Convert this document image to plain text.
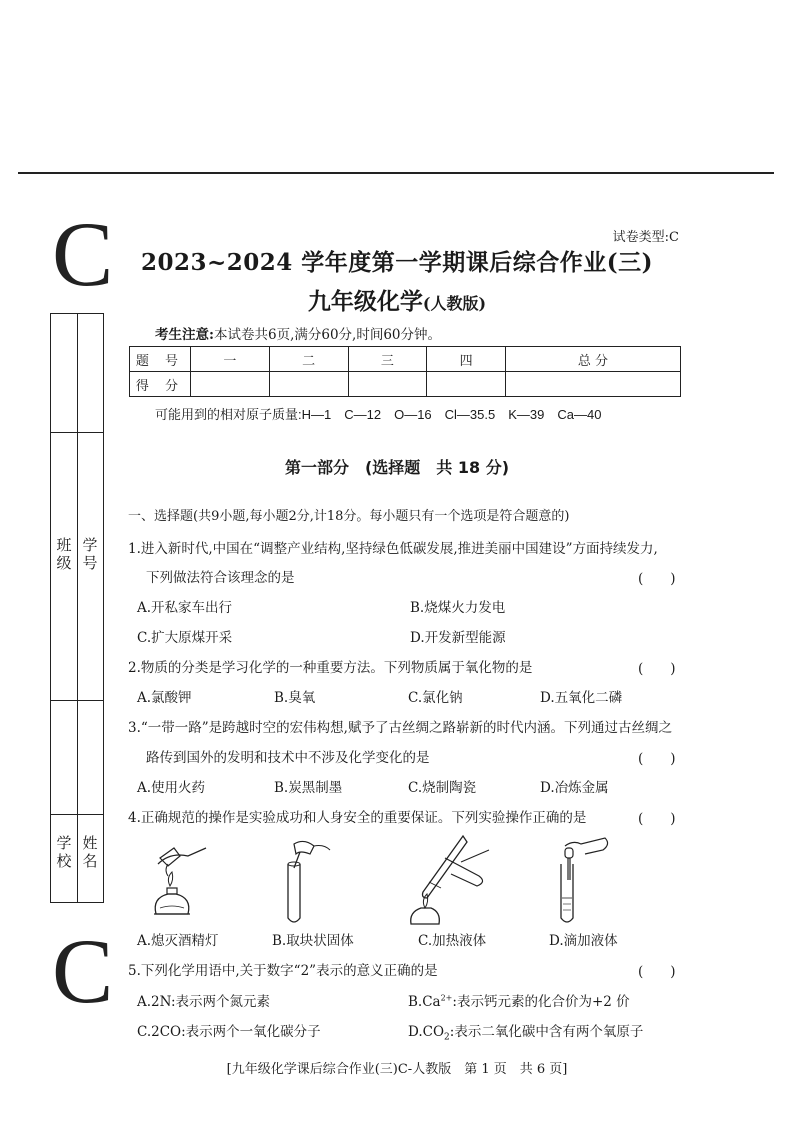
C
C
班级
学号
学校
姓名
试卷类型:C
2023~2024 学年度第一学期课后综合作业(三)
九年级化学(人教版)
考生注意:本试卷共6页,满分60分,时间60分钟。
题 号	一	二	三	四	总 分
得 分					
可能用到的相对原子质量:H—1　C—12　O—16　Cl—35.5　K—39　Ca—40
第一部分　(选择题　共 18 分)
一、选择题(共9小题,每小题2分,计18分。每小题只有一个选项是符合题意的)
1.进入新时代,中国在“调整产业结构,坚持绿色低碳发展,推进美丽中国建设”方面持续发力,
下列做法符合该理念的是	(　　)
A.开私家车出行	B.烧煤火力发电
C.扩大原煤开采	D.开发新型能源
2.物质的分类是学习化学的一种重要方法。下列物质属于氧化物的是	(　　)
A.氯酸钾	B.臭氧	C.氯化钠	D.五氧化二磷
3.“一带一路”是跨越时空的宏伟构想,赋予了古丝绸之路崭新的时代内涵。下列通过古丝绸之
路传到国外的发明和技术中不涉及化学变化的是	(　　)
A.使用火药	B.炭黑制墨	C.烧制陶瓷	D.冶炼金属
4.正确规范的操作是实验成功和人身安全的重要保证。下列实验操作正确的是	(　　)
A.熄灭酒精灯	B.取块状固体	C.加热液体	D.滴加液体
5.下列化学用语中,关于数字“2”表示的意义正确的是	(　　)
A.2N:表示两个氮元素	$B.Ca^{2+}$:表示钙元素的化合价为+2 价
C.2CO:表示两个一氧化碳分子	$D.CO_2$:表示二氧化碳中含有两个氧原子
[九年级化学课后综合作业(三)C-人教版　第 1 页　共 6 页]
